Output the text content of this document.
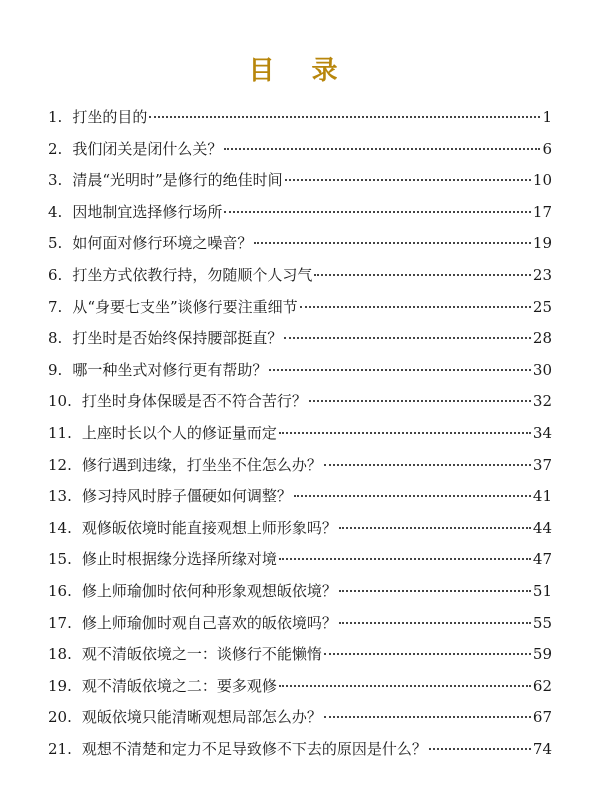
目 录
1. 打坐的目的	1
2. 我们闭关是闭什么关？	6
3. 清晨“光明时”是修行的绝佳时间	10
4. 因地制宜选择修行场所	17
5. 如何面对修行环境之噪音？	19
6. 打坐方式依教行持，勿随顺个人习气	23
7. 从“身要七支坐”谈修行要注重细节	25
8. 打坐时是否始终保持腰部挺直？	28
9. 哪一种坐式对修行更有帮助？	30
10. 打坐时身体保暖是否不符合苦行？	32
11. 上座时长以个人的修证量而定	34
12. 修行遇到违缘，打坐坐不住怎么办？	37
13. 修习持风时脖子僵硬如何调整？	41
14. 观修皈依境时能直接观想上师形象吗？	44
15. 修止时根据缘分选择所缘对境	47
16. 修上师瑜伽时依何种形象观想皈依境？	51
17. 修上师瑜伽时观自己喜欢的皈依境吗？	55
18. 观不清皈依境之一：谈修行不能懒惰	59
19. 观不清皈依境之二：要多观修	62
20. 观皈依境只能清晰观想局部怎么办？	67
21. 观想不清楚和定力不足导致修不下去的原因是什么？	74
